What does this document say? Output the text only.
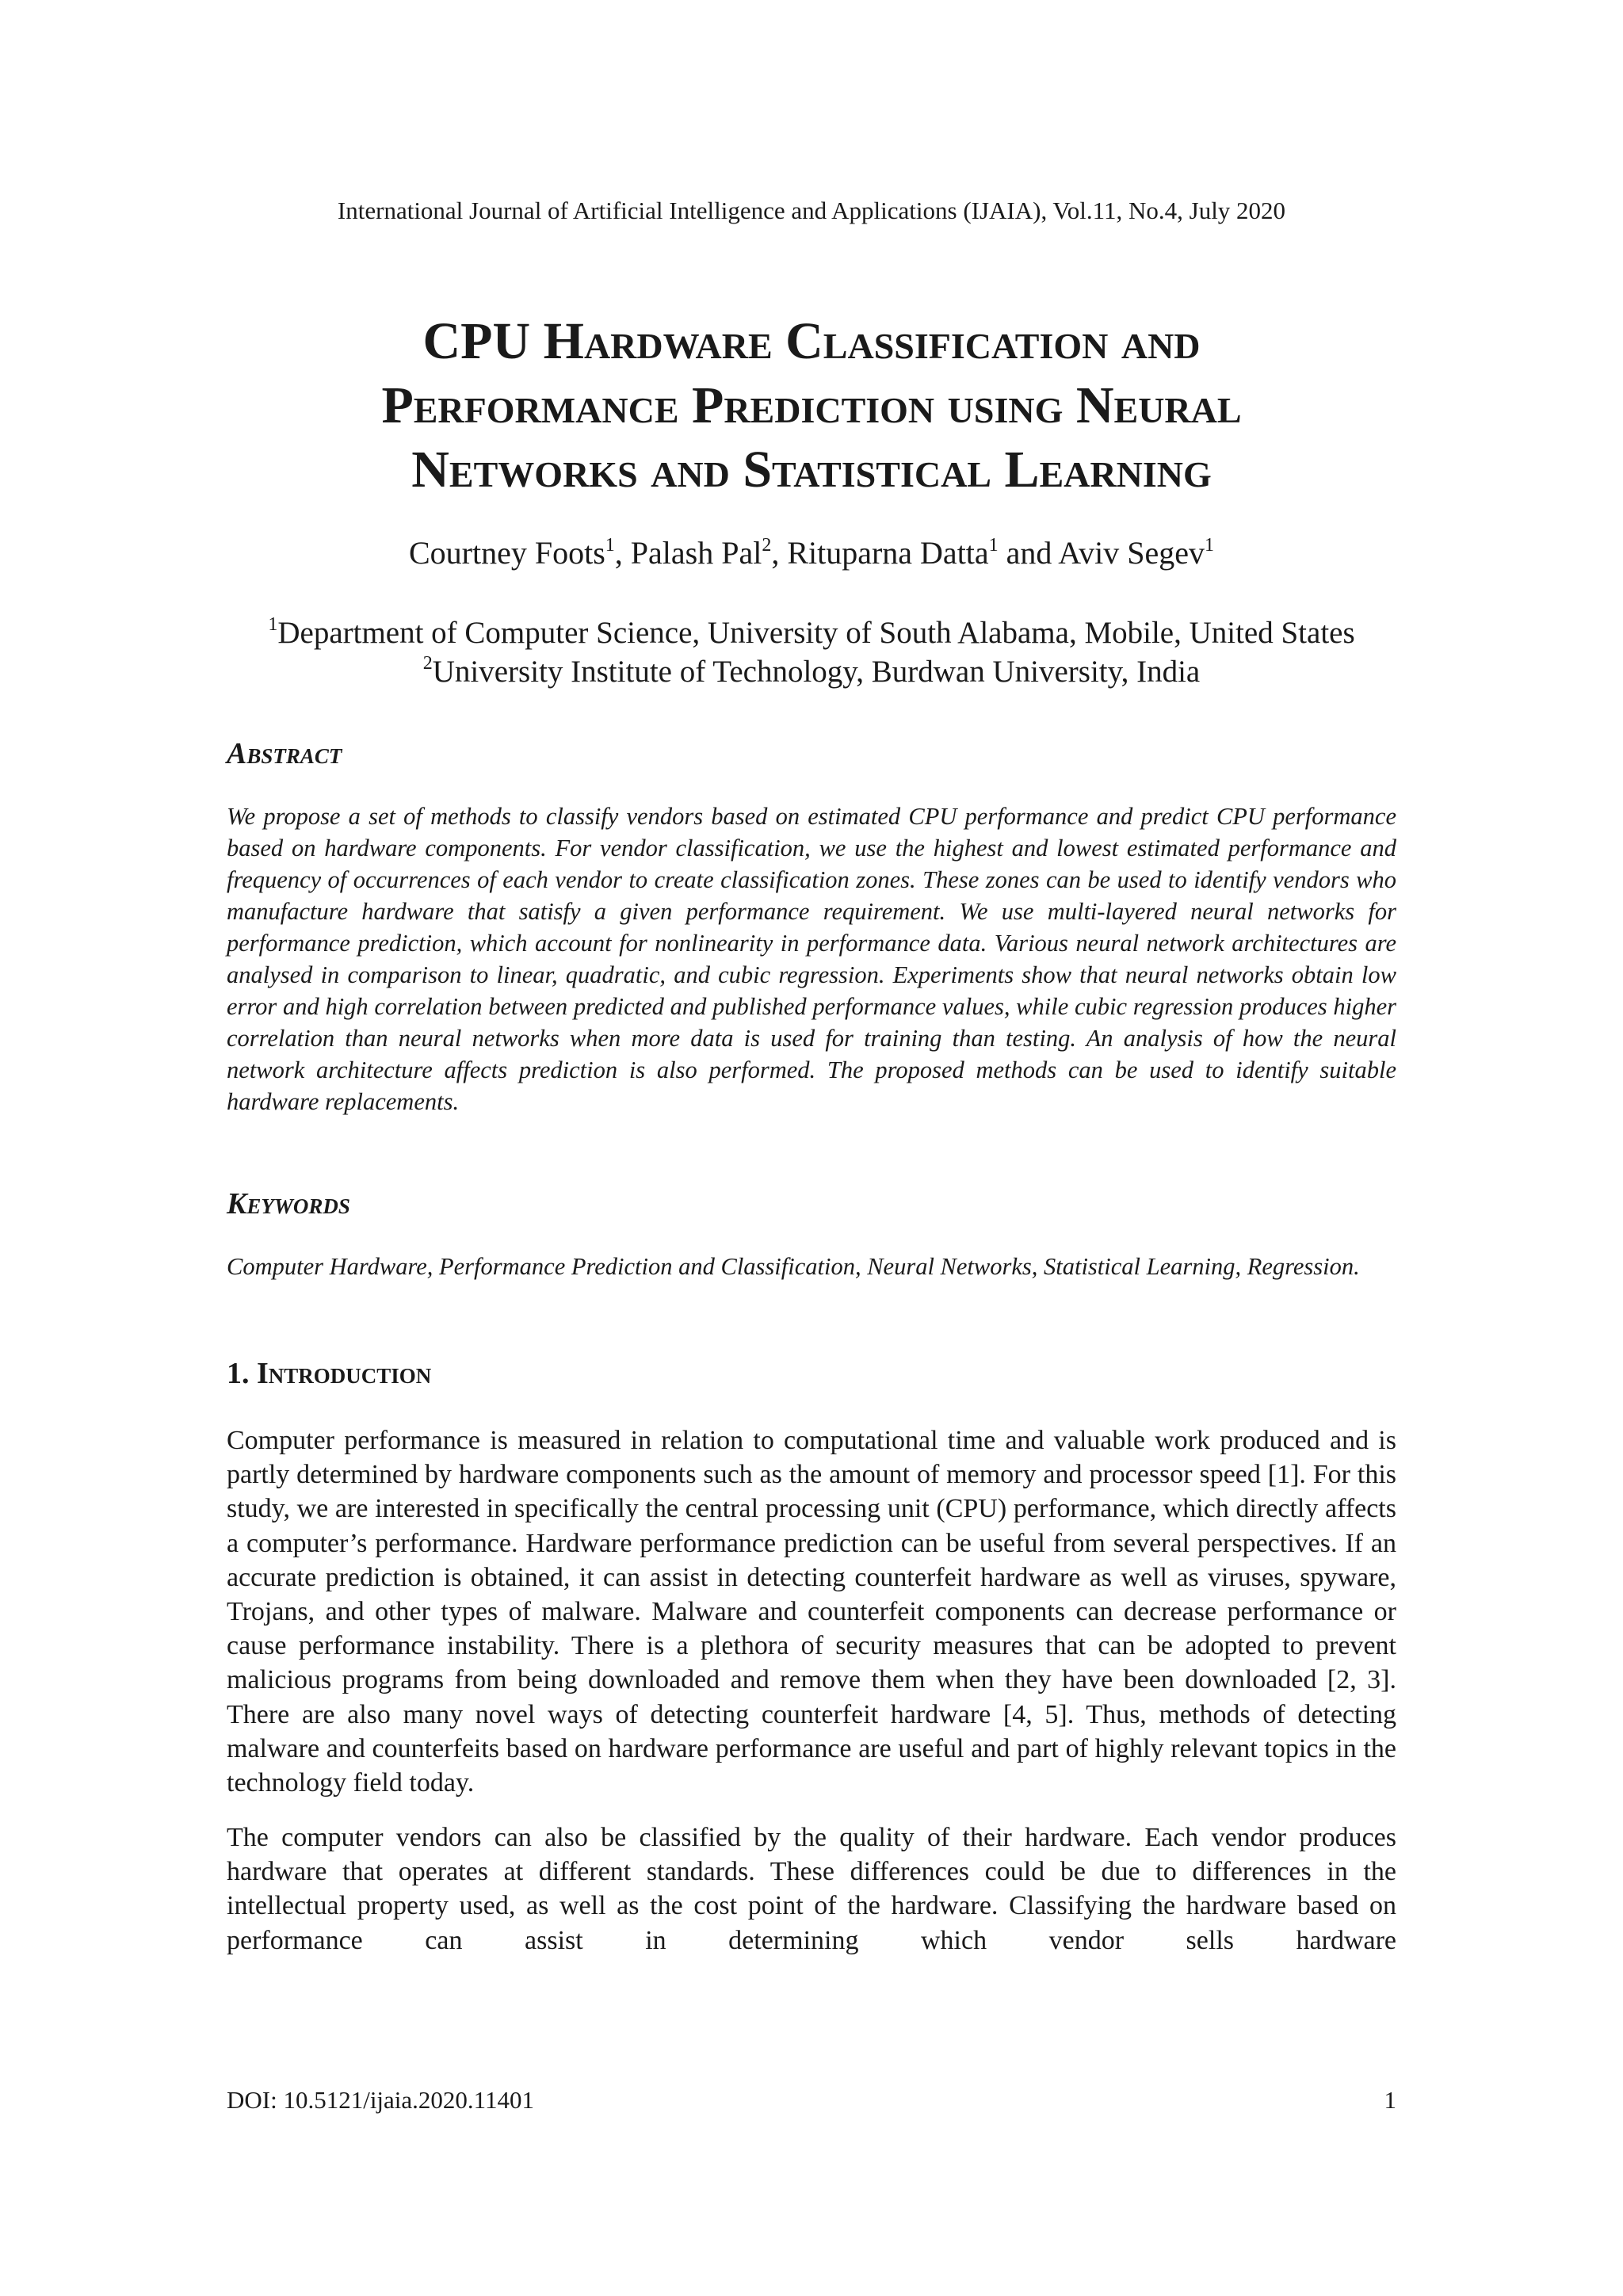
International Journal of Artificial Intelligence and Applications (IJAIA), Vol.11, No.4, July 2020
CPU Hardware Classification and
Performance Prediction using Neural
Networks and Statistical Learning
Courtney Foots$^1$, Palash Pal$^2$, Rituparna Datta$^1$ and Aviv Segev$^1$
$^1$Department of Computer Science, University of South Alabama, Mobile, United States
$^2$University Institute of Technology, Burdwan University, India
Abstract
We propose a set of methods to classify vendors based on estimated CPU performance and predict CPU performance based on hardware components. For vendor classification, we use the highest and lowest estimated performance and frequency of occurrences of each vendor to create classification zones. These zones can be used to identify vendors who manufacture hardware that satisfy a given performance requirement. We use multi-layered neural networks for performance prediction, which account for nonlinearity in performance data. Various neural network architectures are analysed in comparison to linear, quadratic, and cubic regression. Experiments show that neural networks obtain low error and high correlation between predicted and published performance values, while cubic regression produces higher correlation than neural networks when more data is used for training than testing. An analysis of how the neural network architecture affects prediction is also performed. The proposed methods can be used to identify suitable hardware replacements.
Keywords
Computer Hardware, Performance Prediction and Classification, Neural Networks, Statistical Learning, Regression.
1. Introduction
Computer performance is measured in relation to computational time and valuable work produced and is partly determined by hardware components such as the amount of memory and processor speed [1]. For this study, we are interested in specifically the central processing unit (CPU) performance, which directly affects a computer’s performance. Hardware performance prediction can be useful from several perspectives. If an accurate prediction is obtained, it can assist in detecting counterfeit hardware as well as viruses, spyware, Trojans, and other types of malware. Malware and counterfeit components can decrease performance or cause performance instability. There is a plethora of security measures that can be adopted to prevent malicious programs from being downloaded and remove them when they have been downloaded [2, 3]. There are also many novel ways of detecting counterfeit hardware [4, 5]. Thus, methods of detecting malware and counterfeits based on hardware performance are useful and part of highly relevant topics in the technology field today.
The computer vendors can also be classified by the quality of their hardware. Each vendor produces hardware that operates at different standards. These differences could be due to differences in the intellectual property used, as well as the cost point of the hardware. Classifying the hardware based on performance can assist in determining which vendor sells hardware
DOI: 10.5121/ijaia.2020.11401	1
